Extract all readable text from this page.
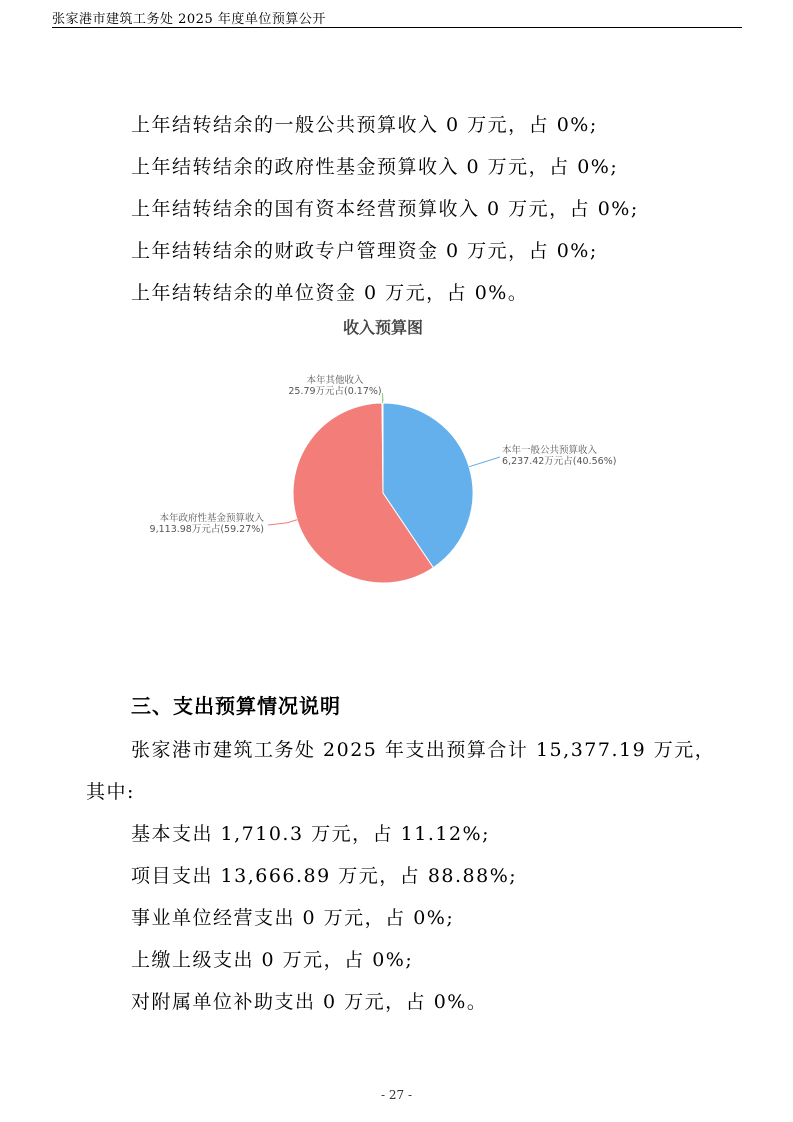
张家港市建筑工务处 2025 年度单位预算公开
上年结转结余的一般公共预算收入 0 万元，占 0%;
上年结转结余的政府性基金预算收入 0 万元，占 0%;
上年结转结余的国有资本经营预算收入 0 万元，占 0%;
上年结转结余的财政专户管理资金 0 万元，占 0%;
上年结转结余的单位资金 0 万元，占 0%。
收入预算图
本年一般公共预算收入
6,237.42万元占(40.56%)
本年政府性基金预算收入
9,113.98万元占(59.27%)
本年其他收入
25.79万元占(0.17%)
三、支出预算情况说明
张家港市建筑工务处 2025 年支出预算合计 15,377.19 万元，
其中:
基本支出 1,710.3 万元，占 11.12%;
项目支出 13,666.89 万元，占 88.88%;
事业单位经营支出 0 万元，占 0%;
上缴上级支出 0 万元，占 0%;
对附属单位补助支出 0 万元，占 0%。
- 27 -
